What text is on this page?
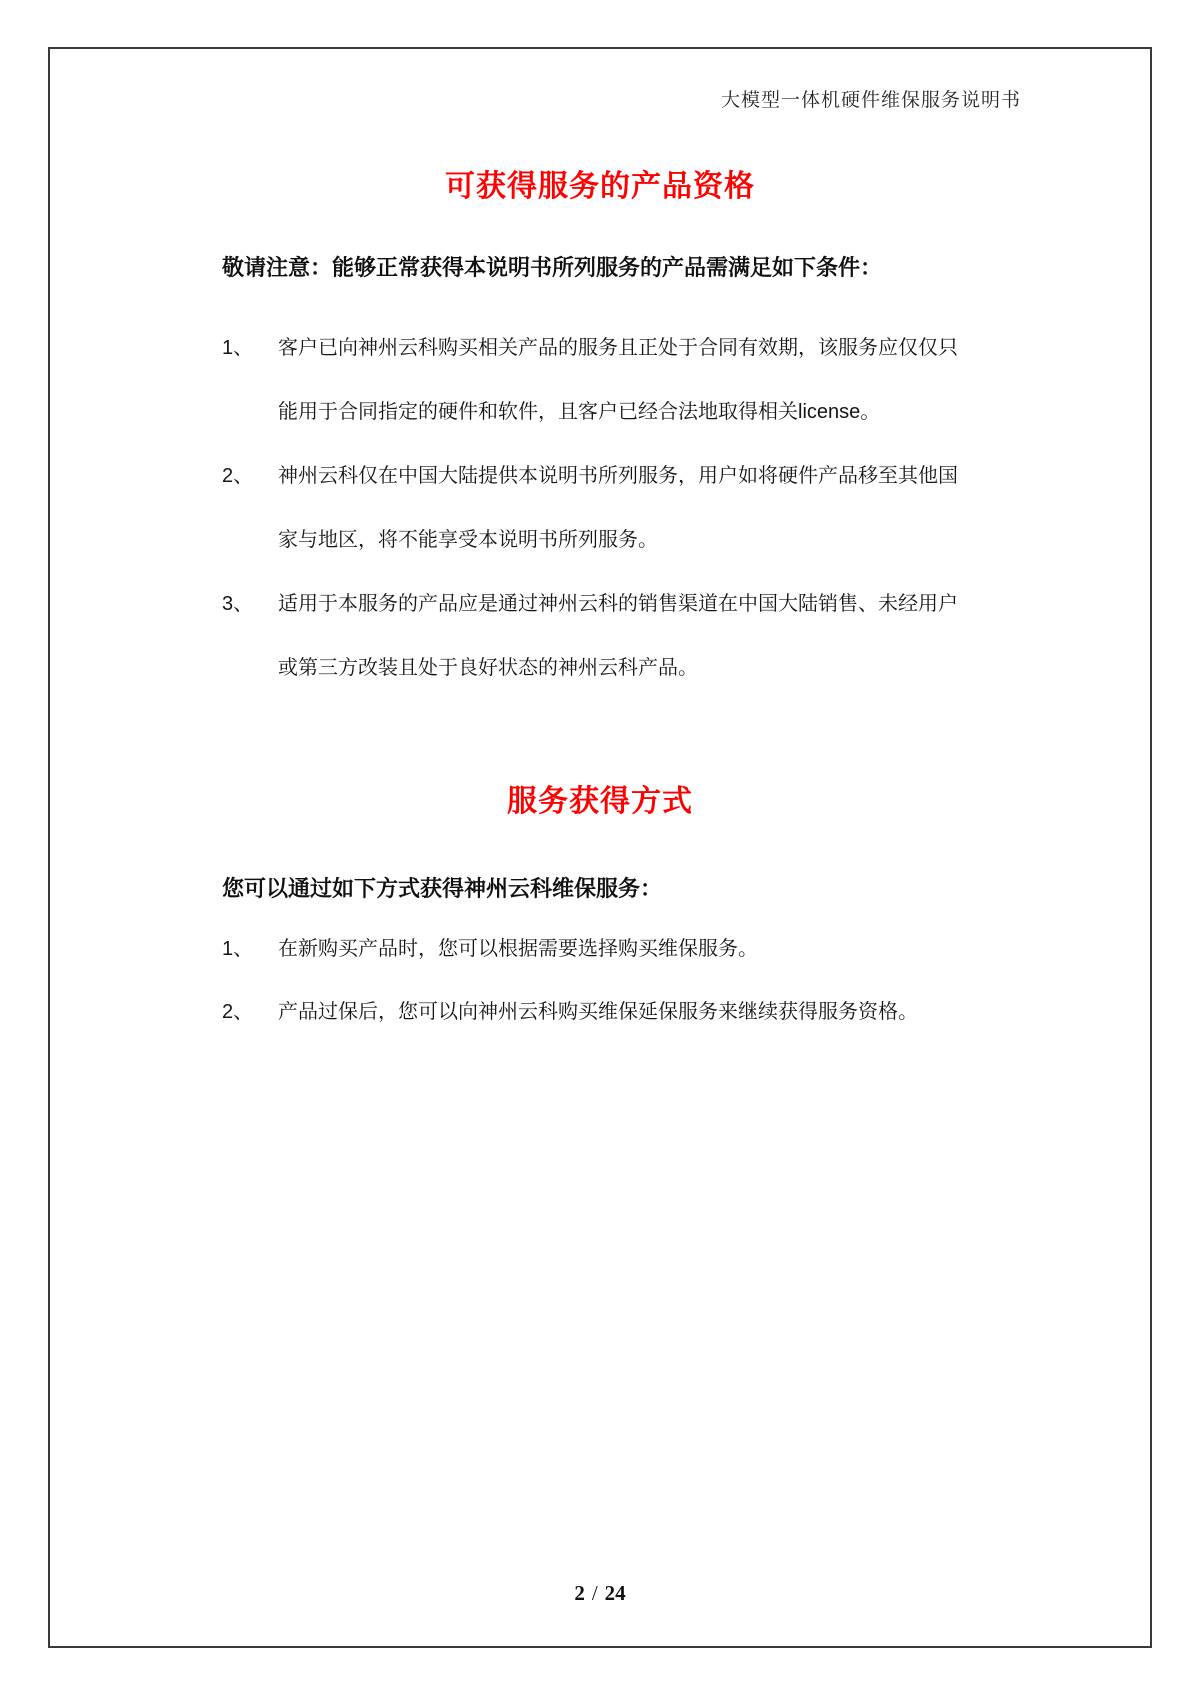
大模型一体机硬件维保服务说明书
可获得服务的产品资格
敬请注意：能够正常获得本说明书所列服务的产品需满足如下条件：
1、	客户已向神州云科购买相关产品的服务且正处于合同有效期，该服务应仅仅只
能用于合同指定的硬件和软件，且客户已经合法地取得相关license。
2、	神州云科仅在中国大陆提供本说明书所列服务，用户如将硬件产品移至其他国
家与地区，将不能享受本说明书所列服务。
3、	适用于本服务的产品应是通过神州云科的销售渠道在中国大陆销售、未经用户
或第三方改装且处于良好状态的神州云科产品。
服务获得方式
您可以通过如下方式获得神州云科维保服务：
1、	在新购买产品时，您可以根据需要选择购买维保服务。
2、	产品过保后，您可以向神州云科购买维保延保服务来继续获得服务资格。
2 / 24
